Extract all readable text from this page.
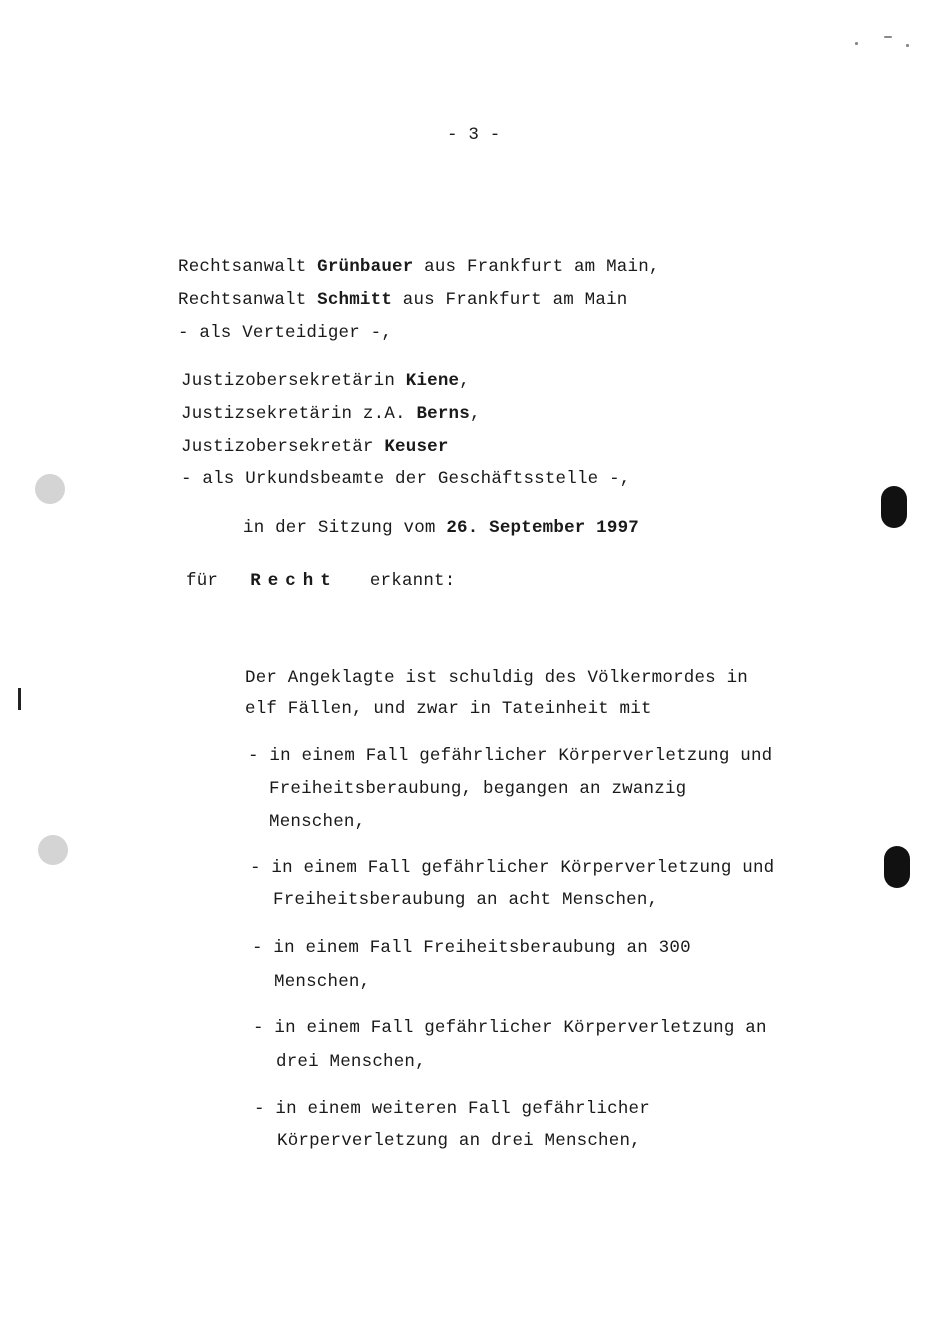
- 3 -
Rechtsanwalt Grünbauer aus Frankfurt am Main,
Rechtsanwalt Schmitt aus Frankfurt am Main
- als Verteidiger -,
Justizobersekretärin Kiene,
Justizsekretärin z.A. Berns,
Justizobersekretär Keuser
- als Urkundsbeamte der Geschäftsstelle -,
in der Sitzung vom 26. September 1997
für   Recht erkannt:
Der Angeklagte ist schuldig des Völkermordes in
elf Fällen, und zwar in Tateinheit mit
- in einem Fall gefährlicher Körperverletzung und
Freiheitsberaubung, begangen an zwanzig
Menschen,
- in einem Fall gefährlicher Körperverletzung und
Freiheitsberaubung an acht Menschen,
- in einem Fall Freiheitsberaubung an 300
Menschen,
- in einem Fall gefährlicher Körperverletzung an
drei Menschen,
- in einem weiteren Fall gefährlicher
Körperverletzung an drei Menschen,
